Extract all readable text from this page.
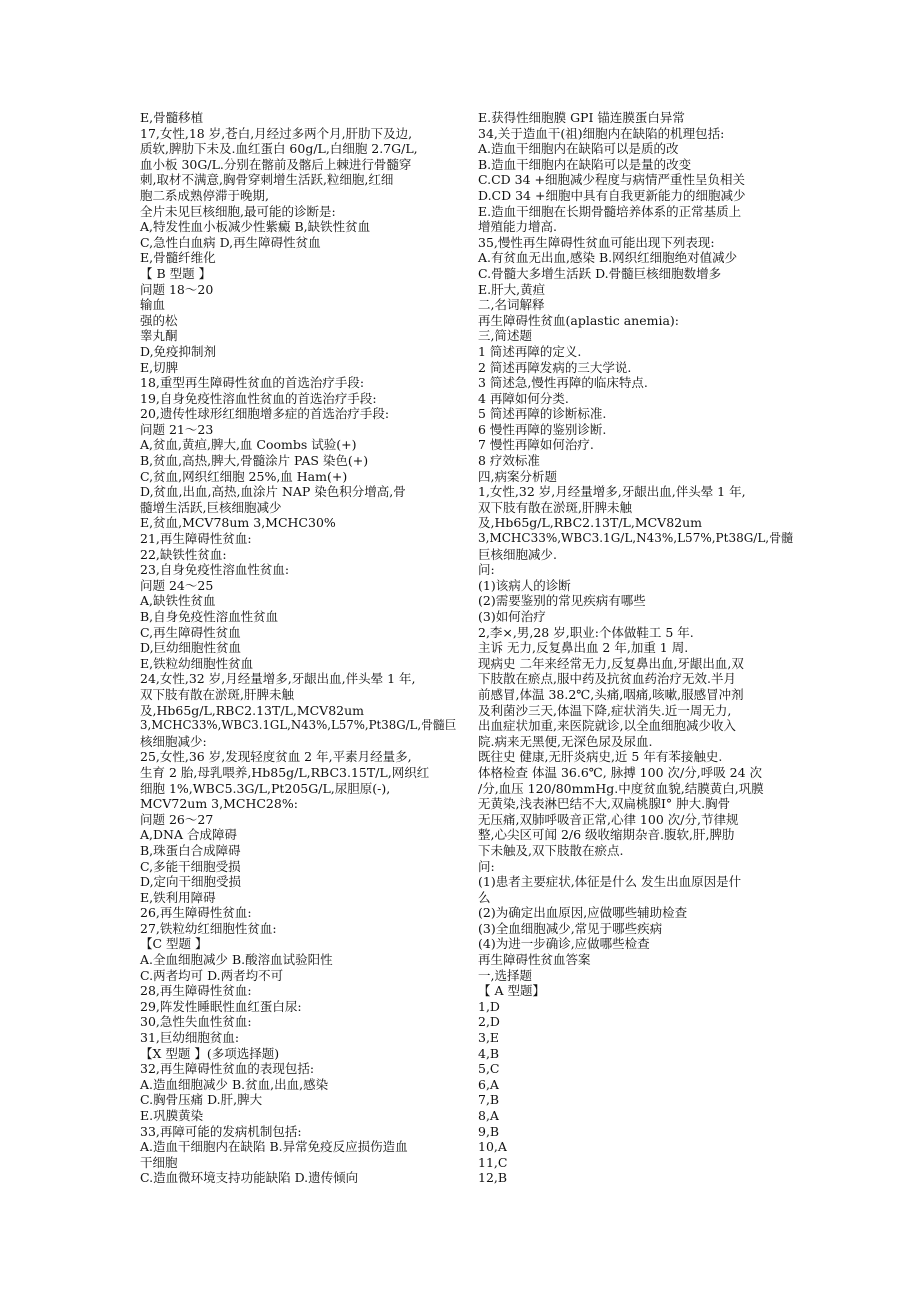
E,骨髓移植
17,女性,18 岁,苍白,月经过多两个月,肝肋下及边,
质软,脾肋下未及.血红蛋白 60g/L,白细胞 2.7G/L,
血小板 30G/L.分别在髂前及髂后上棘进行骨髓穿
刺,取材不满意,胸骨穿刺增生活跃,粒细胞,红细
胞二系成熟停滞于晚期,
全片未见巨核细胞,最可能的诊断是:
A,特发性血小板减少性紫癜 B,缺铁性贫血
C,急性白血病 D,再生障碍性贫血
E,骨髓纤维化
【 B 型题 】
问题 18～20
输血
强的松
睾丸酮
D,免疫抑制剂
E,切脾
18,重型再生障碍性贫血的首选治疗手段:
19,自身免疫性溶血性贫血的首选治疗手段:
20,遗传性球形红细胞增多症的首选治疗手段:
问题 21～23
A,贫血,黄疸,脾大,血 Coombs 试验(+)
B,贫血,高热,脾大,骨髓涂片 PAS 染色(+)
C,贫血,网织红细胞 25%,血 Ham(+)
D,贫血,出血,高热,血涂片 NAP 染色积分增高,骨
髓增生活跃,巨核细胞减少
E,贫血,MCV78um 3,MCHC30%
21,再生障碍性贫血:
22,缺铁性贫血:
23,自身免疫性溶血性贫血:
问题 24～25
A,缺铁性贫血
B,自身免疫性溶血性贫血
C,再生障碍性贫血
D,巨幼细胞性贫血
E,铁粒幼细胞性贫血
24,女性,32 岁,月经量增多,牙龈出血,伴头晕 1 年,
双下肢有散在淤斑,肝脾未触
及,Hb65g/L,RBC2.13T/L,MCV82um
3,MCHC33%,WBC3.1GL,N43%,L57%,Pt38G/L,骨髓巨
核细胞减少:
25,女性,36 岁,发现轻度贫血 2 年,平素月经量多,
生育 2 胎,母乳喂养,Hb85g/L,RBC3.15T/L,网织红
细胞 1%,WBC5.3G/L,Pt205G/L,尿胆原(-),
MCV72um 3,MCHC28%:
问题 26～27
A,DNA 合成障碍
B,珠蛋白合成障碍
C,多能干细胞受损
D,定向干细胞受损
E,铁利用障碍
26,再生障碍性贫血:
27,铁粒幼红细胞性贫血:
【C 型题 】
A.全血细胞减少 B.酸溶血试验阳性
C.两者均可 D.两者均不可
28,再生障碍性贫血:
29,阵发性睡眠性血红蛋白尿:
30,急性失血性贫血:
31,巨幼细胞贫血:
【X 型题 】(多项选择题)
32,再生障碍性贫血的表现包括:
A.造血细胞减少 B.贫血,出血,感染
C.胸骨压痛 D.肝,脾大
E.巩膜黄染
33,再障可能的发病机制包括:
A.造血干细胞内在缺陷 B.异常免疫反应损伤造血
干细胞
C.造血微环境支持功能缺陷 D.遗传倾向
E.获得性细胞膜 GPI 锚连膜蛋白异常
34,关于造血干(祖)细胞内在缺陷的机理包括:
A.造血干细胞内在缺陷可以是质的改
B.造血干细胞内在缺陷可以是量的改变
C.CD 34 +细胞减少程度与病情严重性呈负相关
D.CD 34 +细胞中具有自我更新能力的细胞减少
E.造血干细胞在长期骨髓培养体系的正常基质上
增殖能力增高.
35,慢性再生障碍性贫血可能出现下列表现:
A.有贫血无出血,感染 B.网织红细胞绝对值减少
C.骨髓大多增生活跃 D.骨髓巨核细胞数增多
E.肝大,黄疸
二,名词解释
再生障碍性贫血(aplastic anemia):
三,简述题
1 简述再障的定义.
2 简述再障发病的三大学说.
3 简述急,慢性再障的临床特点.
4 再障如何分类.
5 简述再障的诊断标准.
6 慢性再障的鉴别诊断.
7 慢性再障如何治疗.
8 疗效标准
四,病案分析题
1,女性,32 岁,月经量增多,牙龈出血,伴头晕 1 年,
双下肢有散在淤斑,肝脾未触
及,Hb65g/L,RBC2.13T/L,MCV82um
3,MCHC33%,WBC3.1G/L,N43%,L57%,Pt38G/L,骨髓
巨核细胞减少.
问:
(1)该病人的诊断
(2)需要鉴别的常见疾病有哪些
(3)如何治疗
2,李×,男,28 岁,职业:个体做鞋工 5 年.
主诉 无力,反复鼻出血 2 年,加重 1 周.
现病史 二年来经常无力,反复鼻出血,牙龈出血,双
下肢散在瘀点,服中药及抗贫血药治疗无效.半月
前感冒,体温 38.2℃,头痛,咽痛,咳嗽,服感冒冲剂
及利菌沙三天,体温下降,症状消失.近一周无力,
出血症状加重,来医院就诊,以全血细胞减少收入
院.病来无黑便,无深色尿及尿血.
既往史 健康,无肝炎病史,近 5 年有苯接触史.
体格检查 体温 36.6℃, 脉搏 100 次/分,呼吸 24 次
/分,血压 120/80mmHg.中度贫血貌,结膜黄白,巩膜
无黄染,浅表淋巴结不大,双扁桃腺Ⅰ° 肿大.胸骨
无压痛,双肺呼吸音正常,心律 100 次/分,节律规
整,心尖区可闻 2/6 级收缩期杂音.腹软,肝,脾肋
下未触及,双下肢散在瘀点.
问:
(1)患者主要症状,体征是什么 发生出血原因是什
么
(2)为确定出血原因,应做哪些辅助检查
(3)全血细胞减少,常见于哪些疾病
(4)为进一步确诊,应做哪些检查
再生障碍性贫血答案
一,选择题
【 A 型题】
1,D
2,D
3,E
4,B
5,C
6,A
7,B
8,A
9,B
10,A
11,C
12,B
